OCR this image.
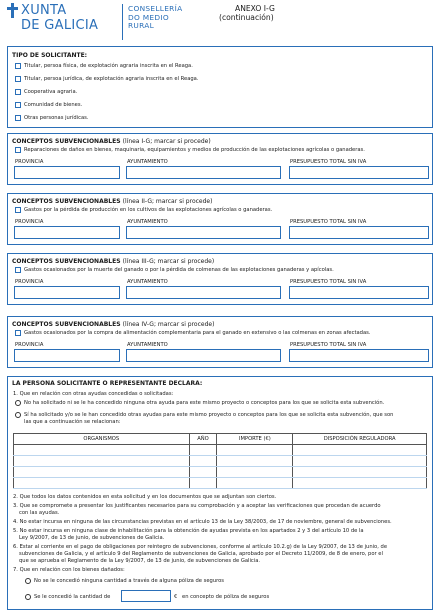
XUNTA
DE GALICIA
CONSELLERÍA
DO MEDIO
RURAL
ANEXO I-G
(continuación)
TIPO DE SOLICITANTE:
Titular, persoa física, de explotación agraria inscrita en el Reaga.
Titular, persoa jurídica, de explotación agraria inscrita en el Reaga.
Cooperativa agraria.
Comunidad de bienes.
Otras personas jurídicas.
CONCEPTOS SUBVENCIONABLES (línea I-G; marcar si procede)
Reparaciones de daños en bienes, maquinaria, equipamientos y medios de producción de las explotaciones agrícolas o ganaderas.
PROVINCIA	AYUNTAMIENTO	PRESUPUESTO TOTAL SIN IVA
CONCEPTOS SUBVENCIONABLES (línea II-G; marcar si procede)
Gastos por la pérdida de producción en los cultivos de las explotaciones agrícolas o ganaderas.
PROVINCIA	AYUNTAMIENTO	PRESUPUESTO TOTAL SIN IVA
CONCEPTOS SUBVENCIONABLES (línea III-G; marcar si procede)
Gastos ocasionados por la muerte del ganado o por la pérdida de colmenas de las explotaciones ganaderas y apícolas.
PROVINCIA	AYUNTAMIENTO	PRESUPUESTO TOTAL SIN IVA
CONCEPTOS SUBVENCIONABLES (línea IV-G; marcar si procede)
Gastos ocasionados por la compra de alimentación complementaria para el ganado en extensivo o las colmenas en zonas afectadas.
PROVINCIA	AYUNTAMIENTO	PRESUPUESTO TOTAL SIN IVA
LA PERSONA SOLICITANTE O REPRESENTANTE DECLARA:
1. Que en relación con otras ayudas concedidas o solicitadas:
No ha solicitado ni se le ha concedido ninguna otra ayuda para este mismo proyecto o conceptos para los que se solicita esta subvención.
Sí ha solicitado y/o se le han concedido otras ayudas para este mismo proyecto o conceptos para los que se solicita esta subvención, que son
las que a continuación se relacionan:
ORGANISMOS	AÑO	IMPORTE (€)	DISPOSICIÓN REGULADORA

2. Que todos los datos contenidos en esta solicitud y en los documentos que se adjuntan son ciertos.
3. Que se compromete a presentar los justificantes necesarios para su comprobación y a aceptar las verificaciones que procedan de acuerdo
con las ayudas.
4. No estar incursa en ninguna de las circunstancias previstas en el artículo 13 de la Ley 38/2003, de 17 de noviembre, general de subvenciones.
5. No estar incursa en ninguna clase de inhabilitación para la obtención de ayudas prevista en los apartados 2 y 3 del artículo 10 de la
Ley 9/2007, de 13 de junio, de subvenciones de Galicia.
6. Estar al corriente en el pago de obligaciones por reintegro de subvenciones, conforme al artículo 10.2.g) de la Ley 9/2007, de 13 de junio, de
subvenciones de Galicia, y el artículo 9 del Reglamento de subvenciones de Galicia, aprobado por el Decreto 11/2009, de 8 de enero, por el
que se aprueba el Reglamento de la Ley 9/2007, de 13 de junio, de subvenciones de Galicia.
7. Que en relación con los bienes dañados:
No se le concedió ninguna cantidad a través de alguna póliza de seguros
Se le concedió la cantidad de	€ en concepto de póliza de seguros
